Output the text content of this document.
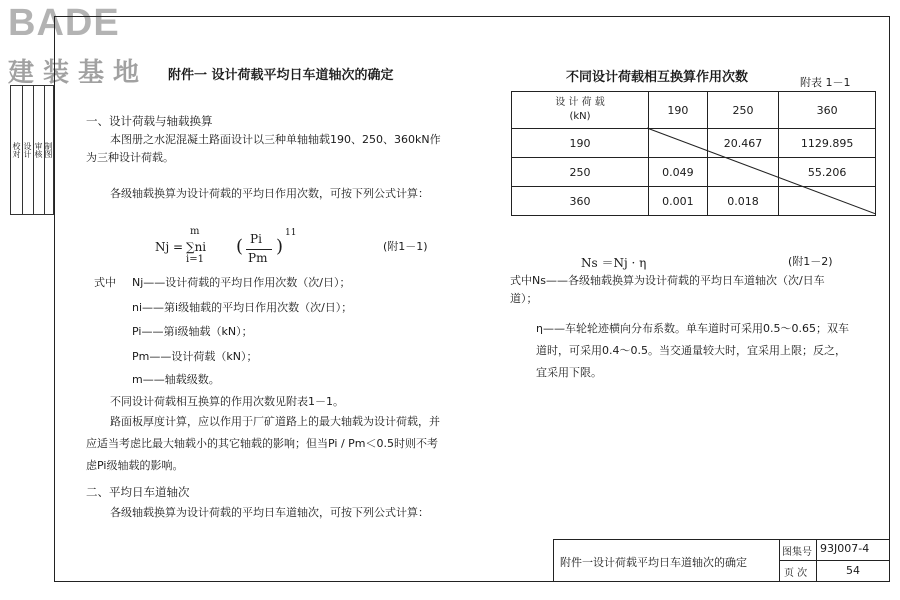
BADE
建装基地
校对 设计 审核 制图
附件一 设计荷载平均日车道轴次的确定
一、设计荷载与轴载换算
本图册之水泥混凝土路面设计以三种单轴轴载190、250、360kN作为三种设计荷载。
各级轴载换算为设计荷载的平均日作用次数，可按下列公式计算：
Nj =
m
∑ni
i=1
( Pi
Pm
)
11
(附1－1)
式中 Nj——设计荷载的平均日作用次数（次/日）；
ni——第i级轴载的平均日作用次数（次/日）；
Pi——第i级轴载（kN）；
Pm——设计荷载（kN）；
m——轴载级数。
不同设计荷载相互换算的作用次数见附表1－1。
路面板厚度计算，应以作用于厂矿道路上的最大轴载为设计荷载，并应适当考虑比最大轴载小的其它轴载的影响；但当Pi / Pm＜0.5时则不考虑Pi级轴载的影响。
二、平均日车道轴次
各级轴载换算为设计荷载的平均日车道轴次，可按下列公式计算：
不同设计荷载相互换算作用次数	附表 1－1
设 计 荷 载
(kN)	190	250	360
190		20.467	1129.895
250	0.049		55.206
360	0.001	0.018	
Ns ＝Nj · η	(附1－2)
式中Ns——各级轴载换算为设计荷载的平均日车道轴次（次/日车道）；
η——车轮轮迹横向分布系数。单车道时可采用0.5～0.65；双车道时，可采用0.4～0.5。当交通量较大时，宜采用上限；反之，宜采用下限。
附件一设计荷载平均日车道轴次的确定
图集号 93J007-4
页 次	54
